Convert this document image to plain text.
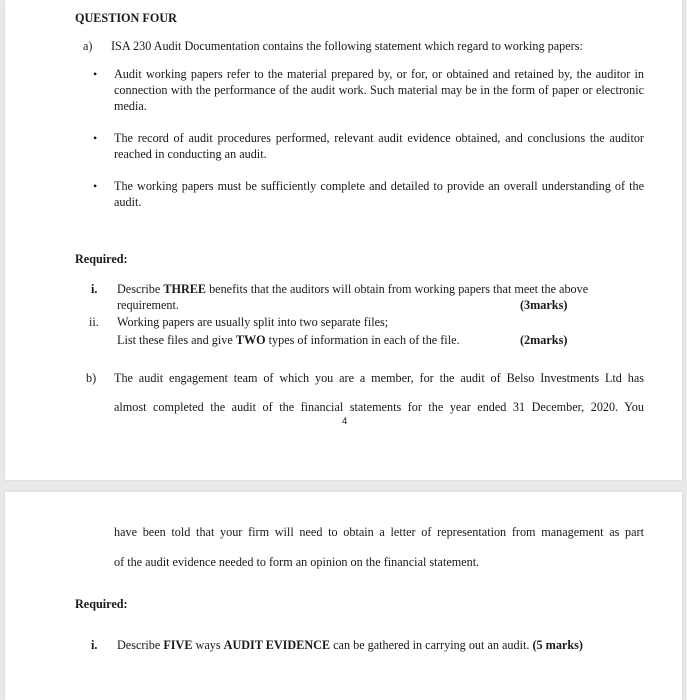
QUESTION FOUR
a) ISA 230 Audit Documentation contains the following statement which regard to working papers:
• Audit working papers refer to the material prepared by, or for, or obtained and retained by, the auditor in connection with the performance of the audit work. Such material may be in the form of paper or electronic media.
• The record of audit procedures performed, relevant audit evidence obtained, and conclusions the auditor reached in conducting an audit.
• The working papers must be sufficiently complete and detailed to provide an overall understanding of the audit.
Required:
i. Describe THREE benefits that the auditors will obtain from working papers that meet the above
requirement.	(3marks)
ii. Working papers are usually split into two separate files;
List these files and give TWO types of information in each of the file.	(2marks)
b) The audit engagement team of which you are a member, for the audit of Belso Investments Ltd has
almost completed the audit of the financial statements for the year ended 31 December, 2020. You
4
have been told that your firm will need to obtain a letter of representation from management as part
of the audit evidence needed to form an opinion on the financial statement.
Required:
i. Describe FIVE ways AUDIT EVIDENCE can be gathered in carrying out an audit. (5 marks)
